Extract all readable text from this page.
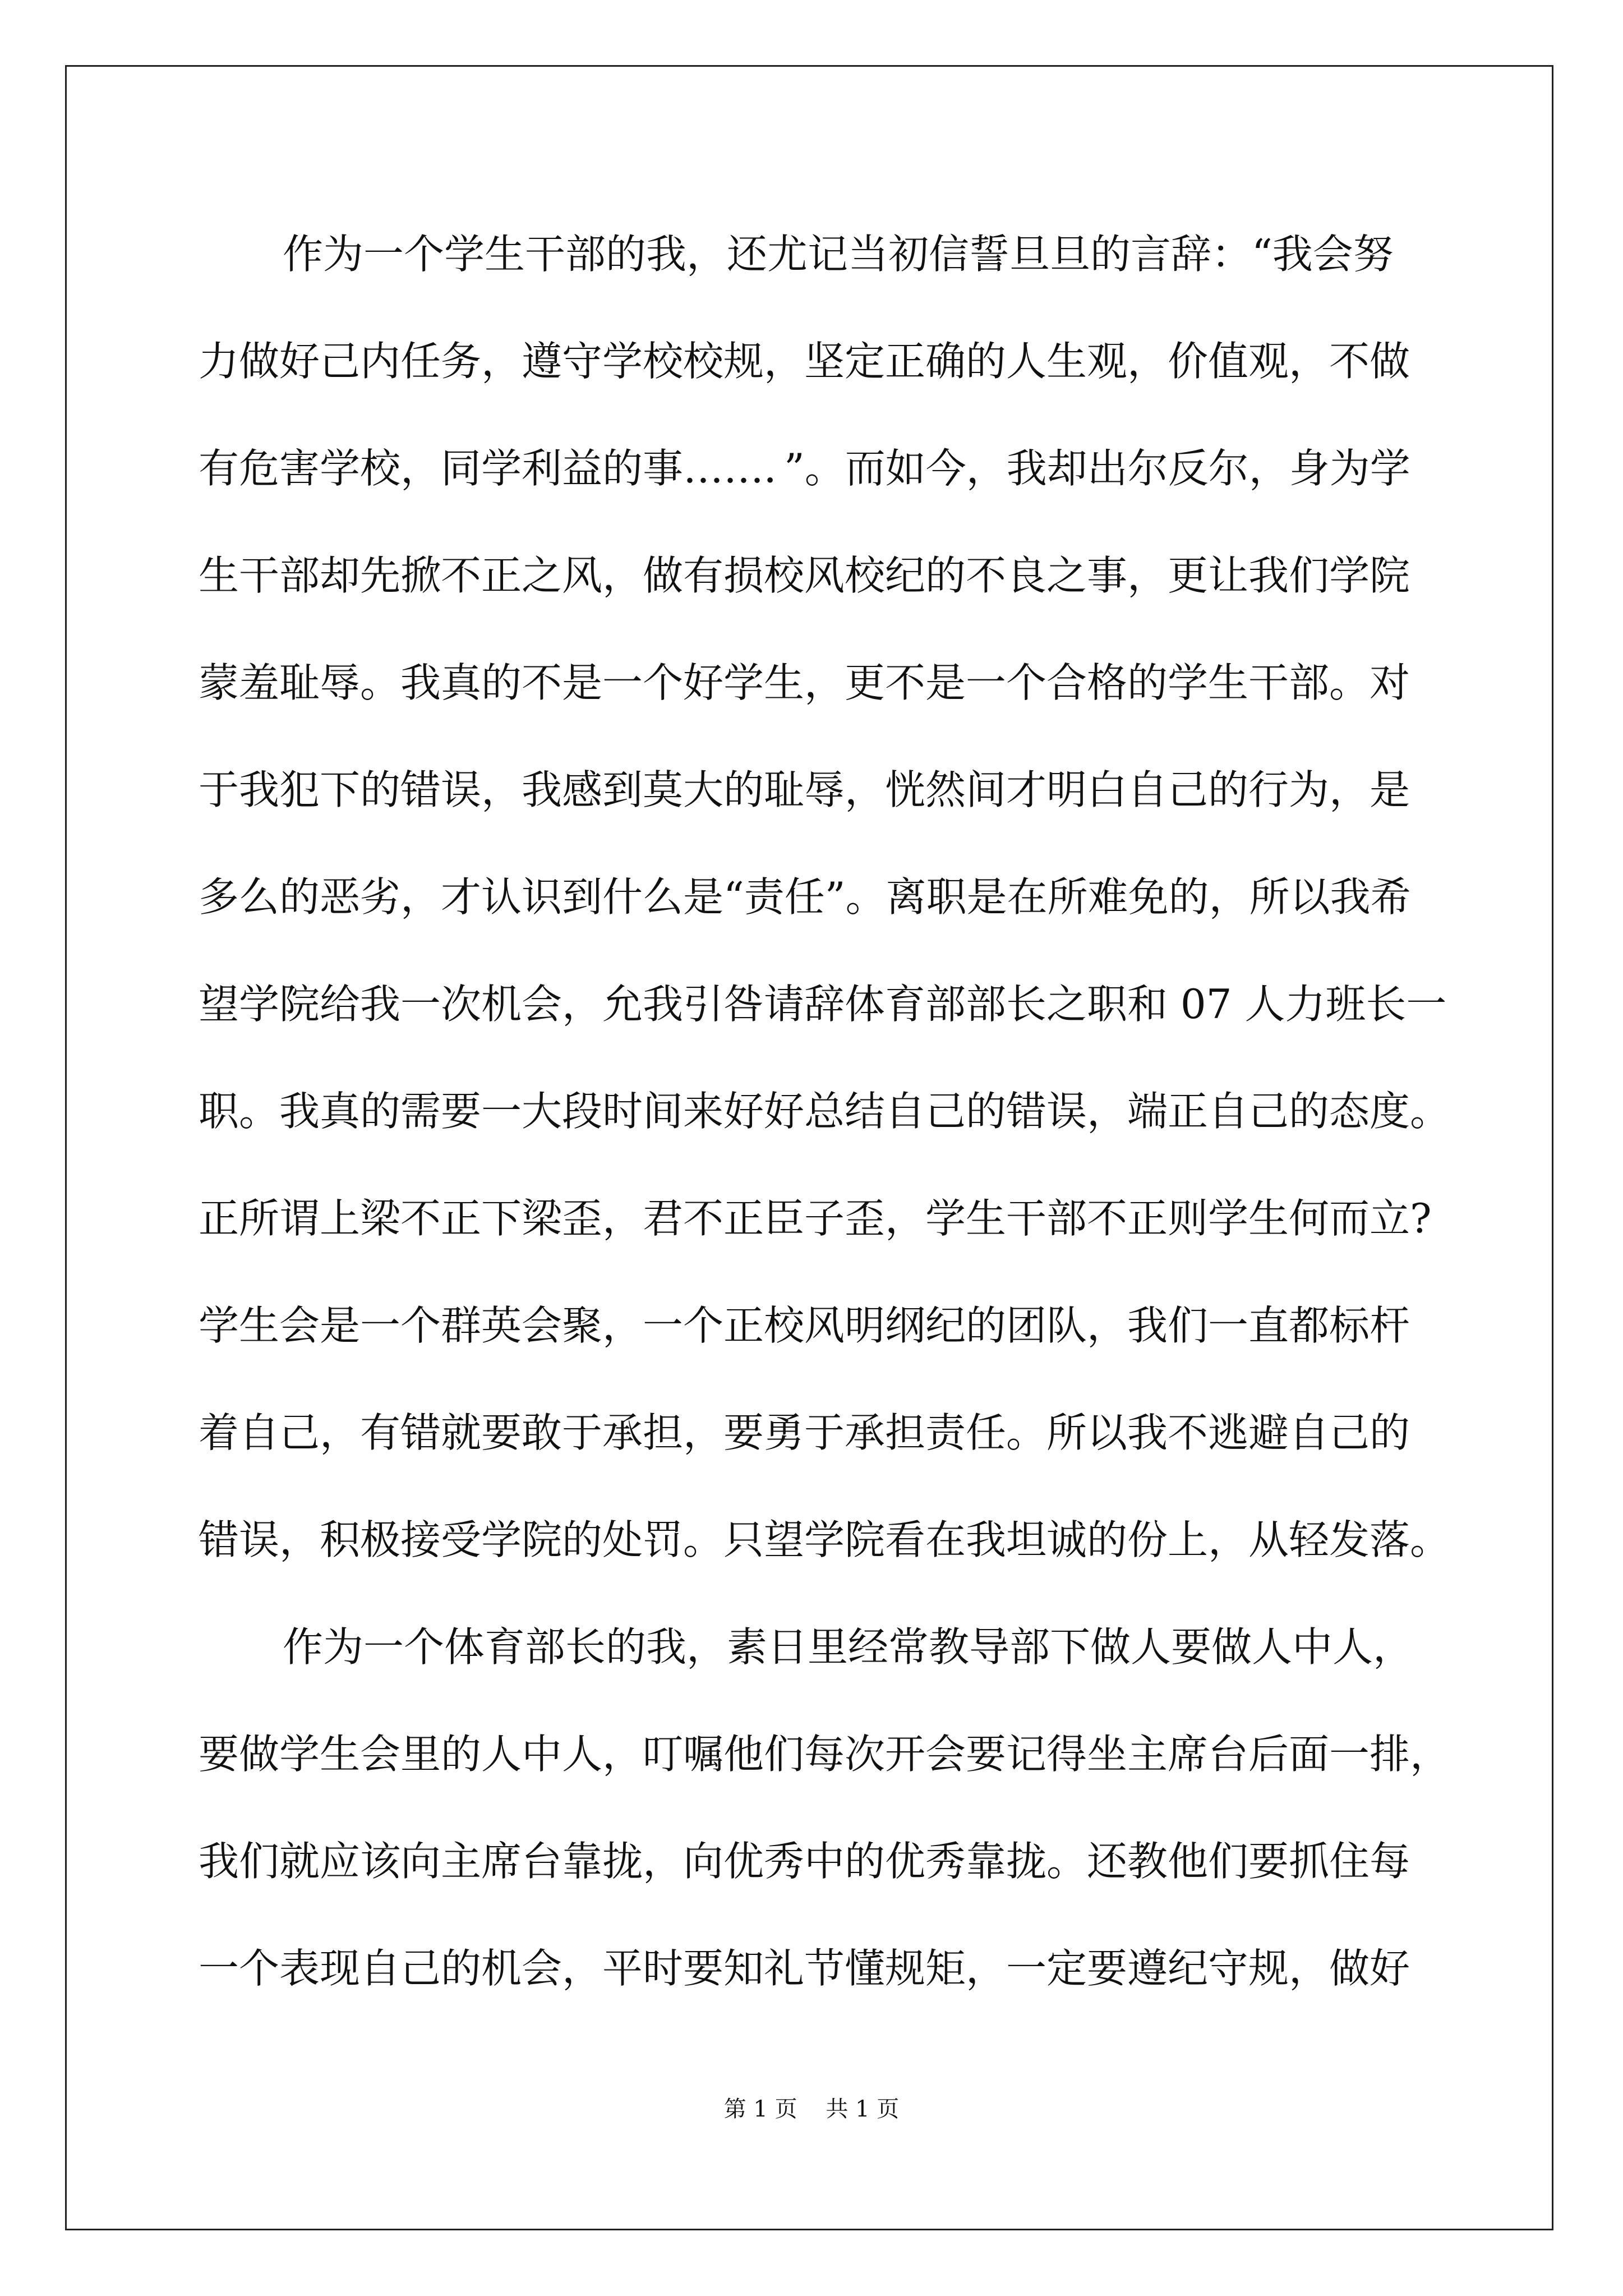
作为一个学生干部的我，还尤记当初信誓旦旦的言辞：“我会努
力做好己内任务，遵守学校校规，坚定正确的人生观，价值观，不做
有危害学校，同学利益的事……．”。而如今，我却出尔反尔，身为学
生干部却先掀不正之风，做有损校风校纪的不良之事，更让我们学院
蒙羞耻辱。我真的不是一个好学生，更不是一个合格的学生干部。对
于我犯下的错误，我感到莫大的耻辱，恍然间才明白自己的行为，是
多么的恶劣，才认识到什么是“责任”。离职是在所难免的，所以我希
望学院给我一次机会，允我引咎请辞体育部部长之职和 07 人力班长一
职。我真的需要一大段时间来好好总结自己的错误，端正自己的态度。
正所谓上梁不正下梁歪，君不正臣子歪，学生干部不正则学生何而立?
学生会是一个群英会聚，一个正校风明纲纪的团队，我们一直都标杆
着自己，有错就要敢于承担，要勇于承担责任。所以我不逃避自己的
错误，积极接受学院的处罚。只望学院看在我坦诚的份上，从轻发落。
作为一个体育部长的我，素日里经常教导部下做人要做人中人，
要做学生会里的人中人，叮嘱他们每次开会要记得坐主席台后面一排，
我们就应该向主席台靠拢，向优秀中的优秀靠拢。还教他们要抓住每
一个表现自己的机会，平时要知礼节懂规矩，一定要遵纪守规，做好
第 1 页    共 1 页
